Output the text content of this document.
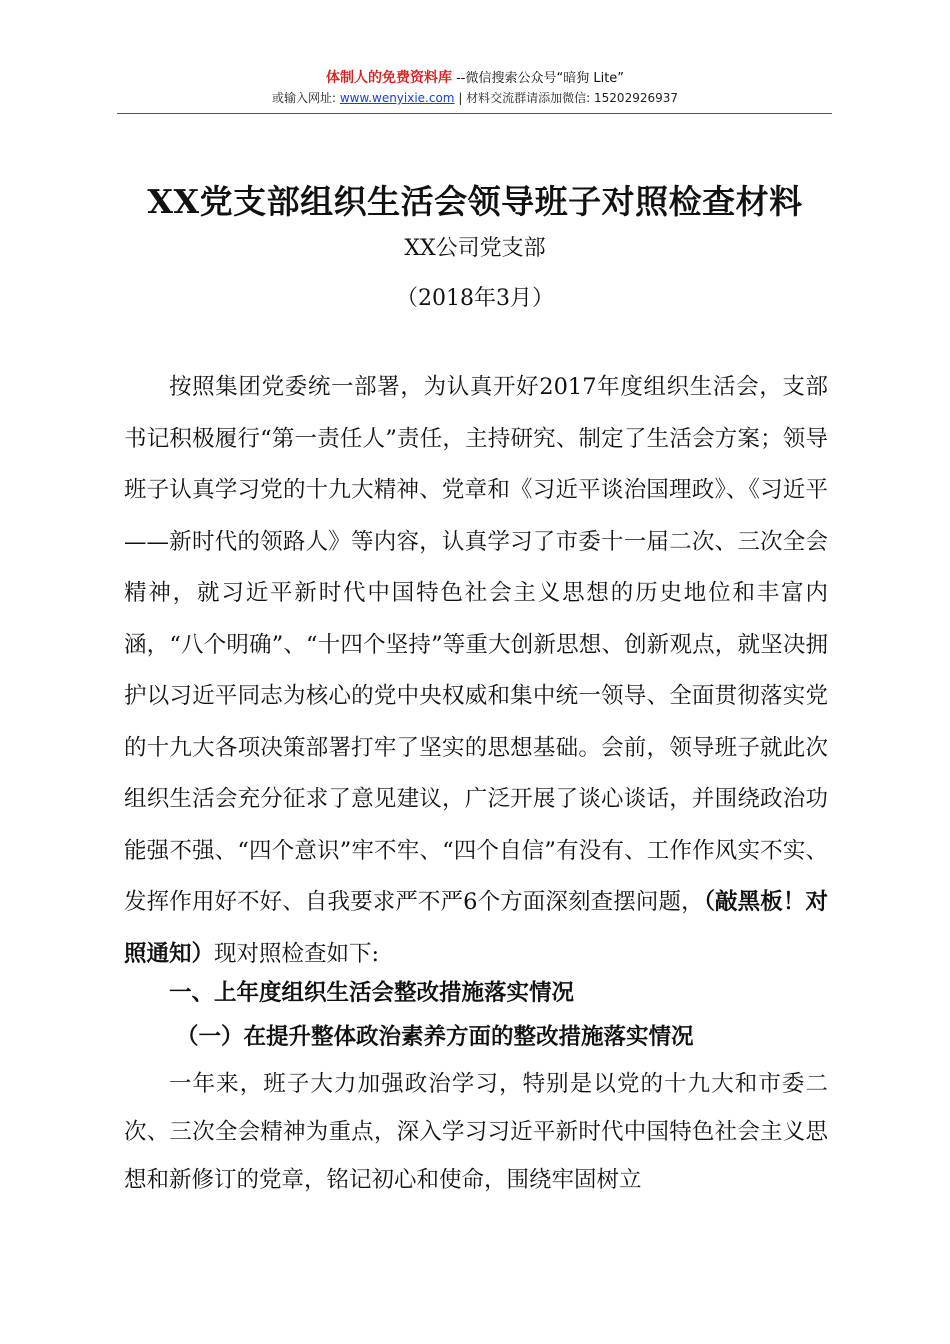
体制人的免费资料库 --微信搜索公众号“暗狗 Lite”
或输入网址: www.wenyixie.com | 材料交流群请添加微信: 15202926937
XX党支部组织生活会领导班子对照检查材料
XX公司党支部
（2018年3月）

按照集团党委统一部署，为认真开好2017年度组织生活会，支部书记积极履行“第一责任人”责任，主持研究、制定了生活会方案；领导班子认真学习党的十九大精神、党章和《习近平谈治国理政》、《习近平——新时代的领路人》等内容，认真学习了市委十一届二次、三次全会精神，就习近平新时代中国特色社会主义思想的历史地位和丰富内涵，“八个明确”、“十四个坚持”等重大创新思想、创新观点，就坚决拥护以习近平同志为核心的党中央权威和集中统一领导、全面贯彻落实党的十九大各项决策部署打牢了坚实的思想基础。会前，领导班子就此次组织生活会充分征求了意见建议，广泛开展了谈心谈话，并围绕政治功能强不强、“四个意识”牢不牢、“四个自信”有没有、工作作风实不实、发挥作用好不好、自我要求严不严6个方面深刻查摆问题，（敲黑板！对照通知）现对照检查如下:

一、上年度组织生活会整改措施落实情况
（一）在提升整体政治素养方面的整改措施落实情况

一年来，班子大力加强政治学习，特别是以党的十九大和市委二次、三次全会精神为重点，深入学习习近平新时代中国特色社会主义思想和新修订的党章，铭记初心和使命，围绕牢固树立
